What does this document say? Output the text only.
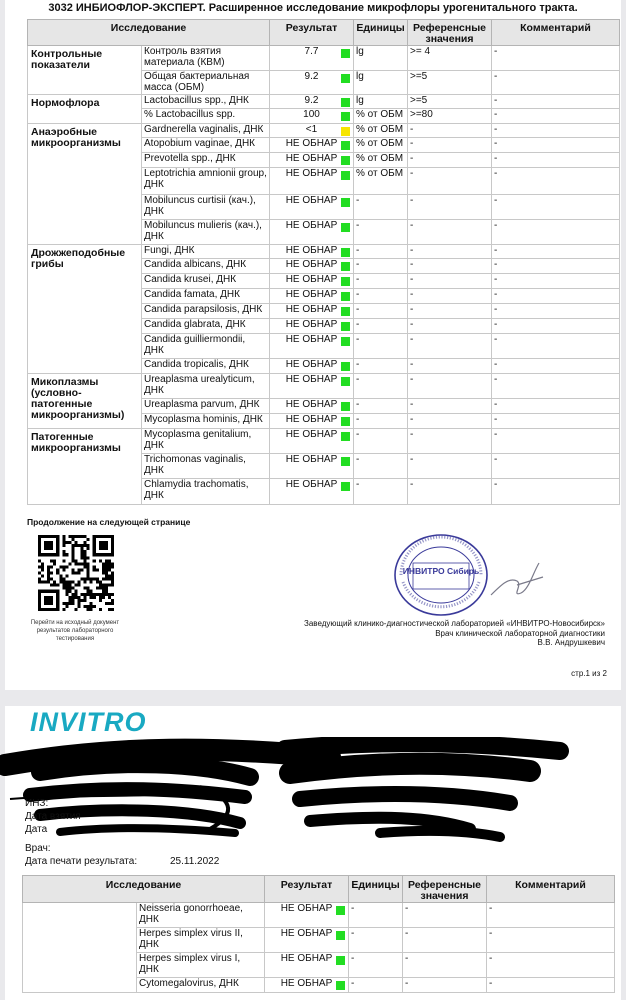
3032 ИНБИОФЛОР-ЭКСПЕРТ. Расширенное исследование микрофлоры урогенитального тракта.
Исследование		Результат	Единицы	Референсные значения	Комментарий
Контрольные показатели	Контроль взятия материала (КВМ)	7.7	lg	>= 4	-
	Общая бактериальная масса (ОБМ)	9.2	lg	>=5	-
Нормофлора	Lactobacillus spp., ДНК	9.2	lg	>=5	-
	% Lactobacillus spp.	100	% от ОБМ	>=80	-
Анаэробные микроорганизмы	Gardnerella vaginalis, ДНК	<1	% от ОБМ	-	-
	Atopobium vaginae, ДНК	НЕ ОБНАР	% от ОБМ	-	-
	Prevotella spp., ДНК	НЕ ОБНАР	% от ОБМ	-	-
	Leptotrichia amnionii group, ДНК	НЕ ОБНАР	% от ОБМ	-	-
	Mobiluncus curtisii (кач.), ДНК	НЕ ОБНАР	-	-	-
	Mobiluncus mulieris (кач.), ДНК	НЕ ОБНАР	-	-	-
Дрожжеподобные грибы	Fungi, ДНК	НЕ ОБНАР	-	-	-
	Candida albicans, ДНК	НЕ ОБНАР	-	-	-
	Candida krusei, ДНК	НЕ ОБНАР	-	-	-
	Candida famata, ДНК	НЕ ОБНАР	-	-	-
	Candida parapsilosis, ДНК	НЕ ОБНАР	-	-	-
	Candida glabrata, ДНК	НЕ ОБНАР	-	-	-
	Candida guilliermondii, ДНК	НЕ ОБНАР	-	-	-
	Candida tropicalis, ДНК	НЕ ОБНАР	-	-	-
Микоплазмы (условно-патогенные микроорганизмы)	Ureaplasma urealyticum, ДНК	НЕ ОБНАР	-	-	-
	Ureaplasma parvum, ДНК	НЕ ОБНАР	-	-	-
	Mycoplasma hominis, ДНК	НЕ ОБНАР	-	-	-
Патогенные микроорганизмы	Mycoplasma genitalium, ДНК	НЕ ОБНАР	-	-	-
	Trichomonas vaginalis, ДНК	НЕ ОБНАР	-	-	-
	Chlamydia trachomatis, ДНК	НЕ ОБНАР	-	-	-
Продолжение на следующей странице
Перейти на исходный документ результатов лабораторного тестирования
ИНВИТРО Сибирь
Заведующий клинико-диагностической лабораторией «ИНВИТРО-Новосибирск»
Врач клинической лабораторной диагностики
В.В. Андрушкевич
стр.1 из 2
INVITRO
ИНЗ:
Дата взятия
Дата
Врач:
Дата печати результата:	25.11.2022
Исследование		Результат	Единицы	Референсные значения	Комментарий
	Neisseria gonorrhoeae, ДНК	НЕ ОБНАР	-	-	-
	Herpes simplex virus II, ДНК	НЕ ОБНАР	-	-	-
	Herpes simplex virus I, ДНК	НЕ ОБНАР	-	-	-
	Cytomegalovirus, ДНК	НЕ ОБНАР	-	-	-
